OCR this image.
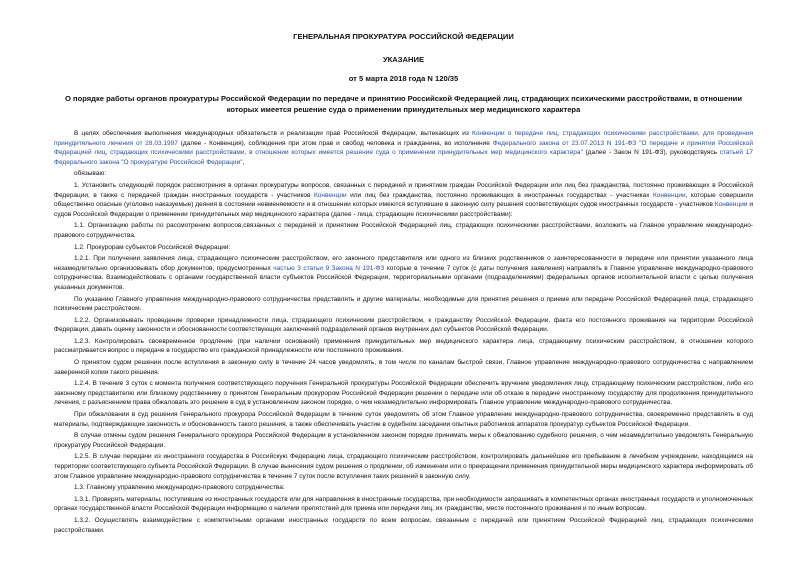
ГЕНЕРАЛЬНАЯ ПРОКУРАТУРА РОССИЙСКОЙ ФЕДЕРАЦИИ
УКАЗАНИЕ
от 5 марта 2018 года N 120/35
О порядке работы органов прокуратуры Российской Федерации по передаче и принятию Российской Федерацией лиц, страдающих психическими расстройствами, в отношении которых имеется решение суда о применении принудительных мер медицинского характера

В целях обеспечения выполнения международных обязательств и реализации прав Российской Федерации, вытекающих из Конвенции о передаче лиц, страдающих психическими расстройствами, для проведения принудительного лечения от 28.03.1997 (далее - Конвенция), соблюдения при этом прав и свобод человека и гражданина, во исполнение Федерального закона от 23.07.2013 N 191-ФЗ "О передаче и принятии Российской Федерацией лиц, страдающих психическими расстройствами, в отношении которых имеется решение суда о применении принудительных мер медицинского характера" (далее - Закон N 191-ФЗ), руководствуясь статьей 17 Федерального закона "О прокуратуре Российской Федерации",

обязываю:

1. Установить следующий порядок рассмотрения в органах прокуратуры вопросов, связанных с передачей и принятием граждан Российской Федерации или лиц без гражданства, постоянно проживающих в Российской Федерации, в также с передачей граждан иностранных государств - участников Конвенции или лиц без гражданства, постоянно проживающих в иностранных государствах - участниках Конвенции, которые совершили общественно опасные (уголовно наказуемые) деяния в состоянии невменяемости и в отношении которых имеются вступившие в законную силу решения соответствующих судов иностранных государств - участников Конвенции и судов Российской Федерации о применении принудительных мер медицинского характера (далее - лица, страдающие психическими расстройствами):

1.1. Организацию работы по рассмотрению вопросов,связанных с передачей и принятием Российской Федерацией лиц, страдающих психическими расстройствами, возложить на Главное управление международно-правового сотрудничества.

1.2. Прокурорам субъектов Российской Федерации:

1.2.1. При получении заявления лица, страдающего психическим расстройством, его законного представителя или одного из близких родственников о заинтересованности в передаче или принятии указанного лица незамедлительно организовывать сбор документов, предусмотренных частью 3 статьи 9 Закона N 191-ФЗ которые в течение 7 суток (с даты получения заявления) направлять в Главное управление международно-правового сотрудничества. Взаимодействовать с органами государственной власти субъектов Российской Федерации, территориальными органами (подразделениями) федеральных органов исполнительной власти с целью получения указанных документов.

По указанию Главного управления международно-правового сотрудничества представлять и другие материалы, необходимые для принятия решения о приеме или передаче Российской Федерацией лица, страдающего психическим расстройством.

1.2.2. Организовывать проведение проверки принадлежности лица, страдающего психическим расстройством, к гражданству Российской Федерации, факта его постоянного проживания на территории Российской Федерации, давать оценку законности и обоснованности соответствующих заключений подразделений органов внутренних дел субъектов Российской Федерации.

1.2.3. Контролировать своевременное продление (при наличии оснований) применения принудительных мер медицинского характера лица, страдающему психическим расстройством, в отношении которого рассматривается вопрос о передаче в государство его гражданской принадлежности или постоянного проживания.

О принятом судом решении после вступления в законную силу в течение 24 часов уведомлять, в том числе по каналам быстрой связи, Главное управление международно-правового сотрудничества с направлением заверенной копии такого решения.

1.2.4. В течение 3 суток с момента получения соответствующего поручения Генеральной прокуратуры Российской Федерации обеспечить вручение уведомления лицу, страдающему психическим расстройством, либо его законному представителю или близкому родственнику о принятом Генеральным прокурором Российской Федерации решении о передаче или об отказе в передаче иностранному государству для продолжения принудительного лечения, с разъяснением права обжаловать это решение в суд в установленном законом порядке, о чем незамедлительно информировать Главное управление международно-правового сотрудничества.

При обжаловании в суд решения Генерального прокурора Российской Федерации в течение суток уведомлять об этом Главное управление международно-правового сотрудничества, своевременно представлять в суд материалы, подтверждающие законность и обоснованность такого решения, а также обеспечивать участие в судебном заседании опытных работников аппаратов прокуратур субъектов Российской Федерации.

В случае отмены судом решения Генерального прокурора Российской Федерации в установленном законом порядке принимать меры к обжалованию судебного решения, о чем незамедлительно уведомлять Генеральную прокуратуру Российской Федерации.

1.2.5. В случае передачи из иностранного государства в Российскую Федерацию лица, страдающего психическим расстройством, контролировать дальнейшее его пребывание в лечебном учреждении, находящемся на территории соответствующего субъекта Российской Федерации. В случае вынесения судом решения о продлении, об изменении или о прекращении применения принудительной меры медицинского характера информировать об этом Главное управление международно-правового сотрудничества в течение 7 суток после вступления таких решений в законную силу.

1.3. Главному управлению международно-правового сотрудничества:

1.3.1. Проверять материалы, поступившие из иностранных государств или для направления в иностранные государства, при необходимости запрашивать в компетентных органах иностранных государств и уполномоченных органах государственной власти Российской Федерации информацию о наличии препятствий для приема или передачи лиц, их гражданстве, месте постоянного проживания и по иным вопросам.

1.3.2. Осуществлять взаимодействие с компетентными органами иностранных государств по всем вопросам, связанным с передачей или принятием Российской Федерацией лиц, страдающих психическими расстройствами.
